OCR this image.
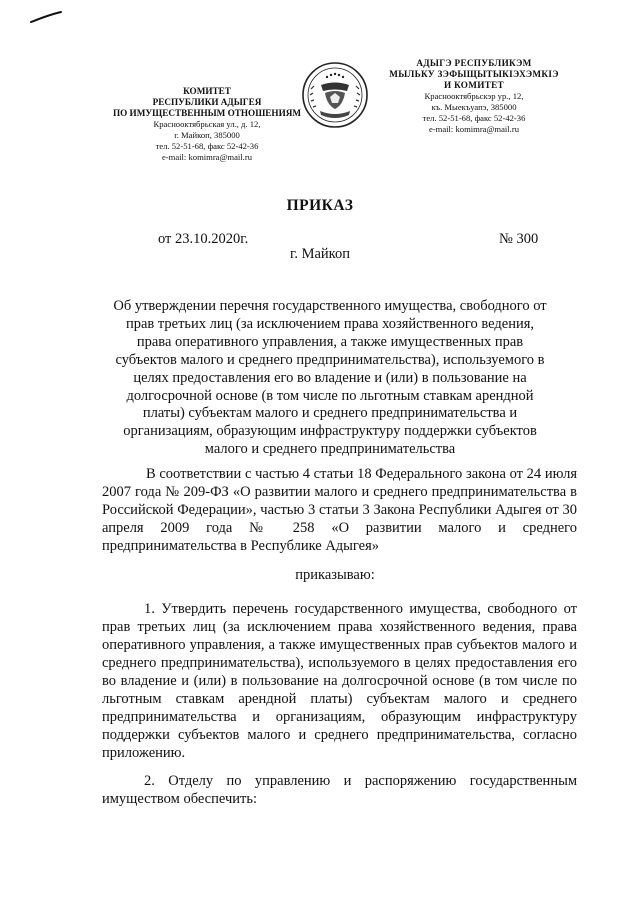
КОМИТЕТ
РЕСПУБЛИКИ АДЫГЕЯ
ПО ИМУЩЕСТВЕННЫМ ОТНОШЕНИЯМ
Краснооктябрьская ул., д. 12,
г. Майкоп, 385000
тел. 52-51-68, факс 52-42-36
e-mail: komimra@mail.ru
АДЫГЭ РЕСПУБЛИКЭМ
МЫЛЬКУ ЗЭФЫЩЫТЫКIЭХЭМКIЭ
И КОМИТЕТ
Краснооктябрьскэр ур., 12,
къ. Мыекъуапэ, 385000
тел. 52-51-68, факс 52-42-36
e-mail: komimra@mail.ru
ПРИКАЗ
от 23.10.2020г.	№ 300
г. Майкоп
Об утверждении перечня государственного имущества, свободного от прав третьих лиц (за исключением права хозяйственного ведения, права оперативного управления, а также имущественных прав субъектов малого и среднего предпринимательства), используемого в целях предоставления его во владение и (или) в пользование на долгосрочной основе (в том числе по льготным ставкам арендной платы) субъектам малого и среднего предпринимательства и организациям, образующим инфраструктуру поддержки субъектов малого и среднего предпринимательства
В соответствии с частью 4 статьи 18 Федерального закона от 24 июля 2007 года № 209-ФЗ «О развитии малого и среднего предпринимательства в Российской Федерации», частью 3 статьи 3 Закона Республики Адыгея от 30 апреля 2009 года № 258 «О развитии малого и среднего предпринимательства в Республике Адыгея»
приказываю:
1. Утвердить перечень государственного имущества, свободного от прав третьих лиц (за исключением права хозяйственного ведения, права оперативного управления, а также имущественных прав субъектов малого и среднего предпринимательства), используемого в целях предоставления его во владение и (или) в пользование на долгосрочной основе (в том числе по льготным ставкам арендной платы) субъектам малого и среднего предпринимательства и организациям, образующим инфраструктуру поддержки субъектов малого и среднего предпринимательства, согласно приложению.
2. Отделу по управлению и распоряжению государственным имуществом обеспечить:
